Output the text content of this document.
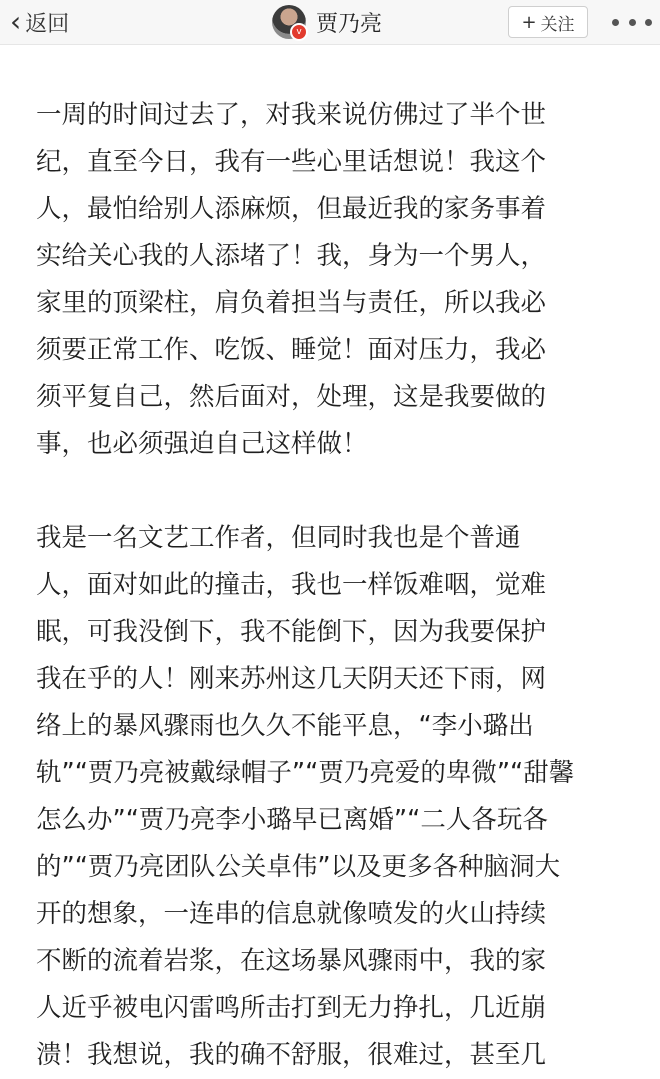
‹ 返回	v 贾乃亮	+ 关注
一周的时间过去了，对我来说仿佛过了半个世
纪，直至今日，我有一些心里话想说！我这个
人，最怕给别人添麻烦，但最近我的家务事着
实给关心我的人添堵了！我，身为一个男人，
家里的顶梁柱，肩负着担当与责任，所以我必
须要正常工作、吃饭、睡觉！面对压力，我必
须平复自己，然后面对，处理，这是我要做的
事，也必须强迫自己这样做！
我是一名文艺工作者，但同时我也是个普通
人，面对如此的撞击，我也一样饭难咽，觉难
眠，可我没倒下，我不能倒下，因为我要保护
我在乎的人！刚来苏州这几天阴天还下雨，网
络上的暴风骤雨也久久不能平息，“李小璐出
轨”“贾乃亮被戴绿帽子”“贾乃亮爱的卑微”“甜馨
怎么办”“贾乃亮李小璐早已离婚”“二人各玩各
的”“贾乃亮团队公关卓伟”以及更多各种脑洞大
开的想象，一连串的信息就像喷发的火山持续
不断的流着岩浆，在这场暴风骤雨中，我的家
人近乎被电闪雷鸣所击打到无力挣扎，几近崩
溃！我想说，我的确不舒服，很难过，甚至几
